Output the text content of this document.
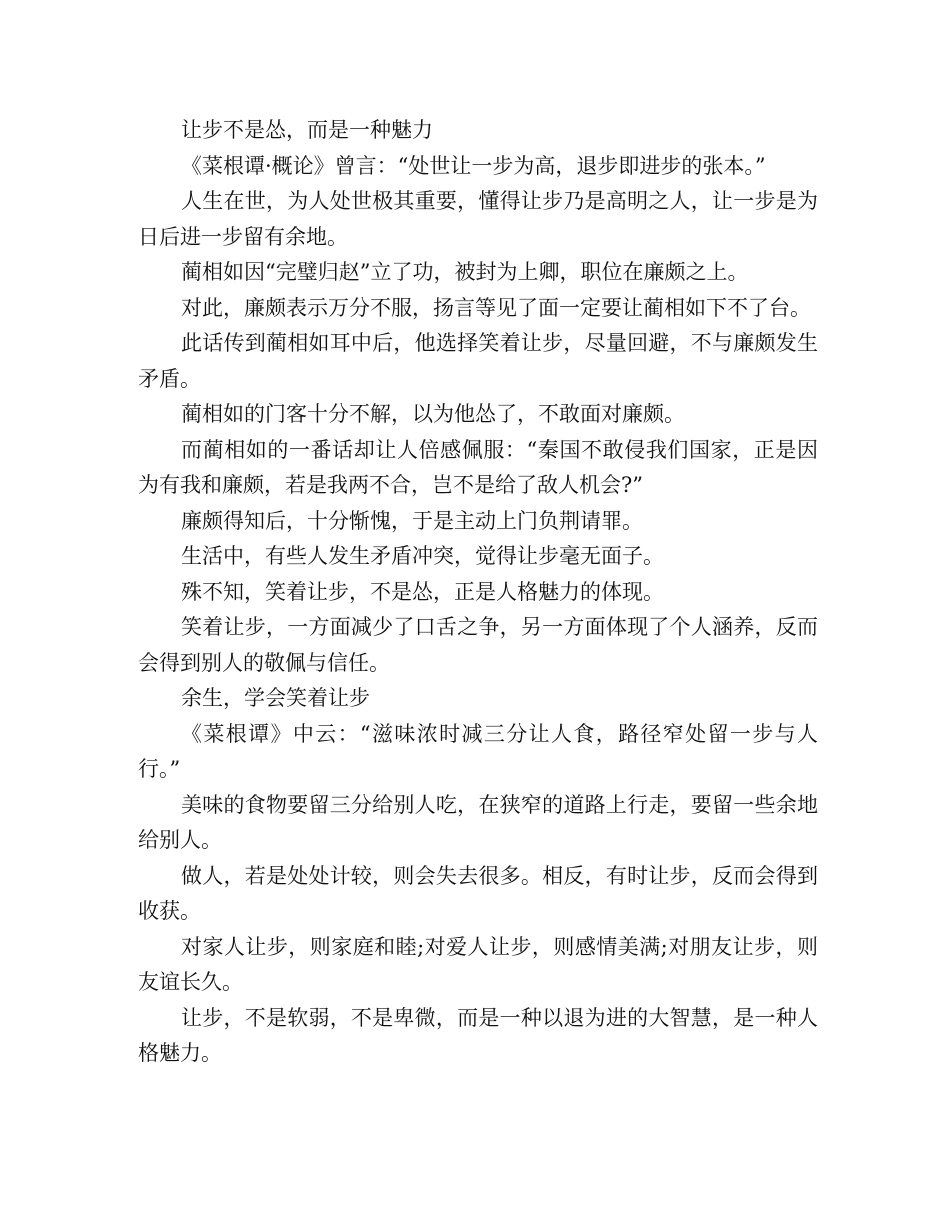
让步不是怂，而是一种魅力

《菜根谭·概论》曾言：“处世让一步为高，退步即进步的张本。”

人生在世，为人处世极其重要，懂得让步乃是高明之人，让一步是为日后进一步留有余地。

蔺相如因“完璧归赵”立了功，被封为上卿，职位在廉颇之上。

对此，廉颇表示万分不服，扬言等见了面一定要让蔺相如下不了台。

此话传到蔺相如耳中后，他选择笑着让步，尽量回避，不与廉颇发生矛盾。

蔺相如的门客十分不解，以为他怂了，不敢面对廉颇。

而蔺相如的一番话却让人倍感佩服：“秦国不敢侵我们国家，正是因为有我和廉颇，若是我两不合，岂不是给了敌人机会?”

廉颇得知后，十分惭愧，于是主动上门负荆请罪。

生活中，有些人发生矛盾冲突，觉得让步毫无面子。

殊不知，笑着让步，不是怂，正是人格魅力的体现。

笑着让步，一方面减少了口舌之争，另一方面体现了个人涵养，反而会得到别人的敬佩与信任。

余生，学会笑着让步

《菜根谭》中云：“滋味浓时减三分让人食，路径窄处留一步与人行。”

美味的食物要留三分给别人吃，在狭窄的道路上行走，要留一些余地给别人。

做人，若是处处计较，则会失去很多。相反，有时让步，反而会得到收获。

对家人让步，则家庭和睦;对爱人让步，则感情美满;对朋友让步，则友谊长久。

让步，不是软弱，不是卑微，而是一种以退为进的大智慧，是一种人格魅力。
